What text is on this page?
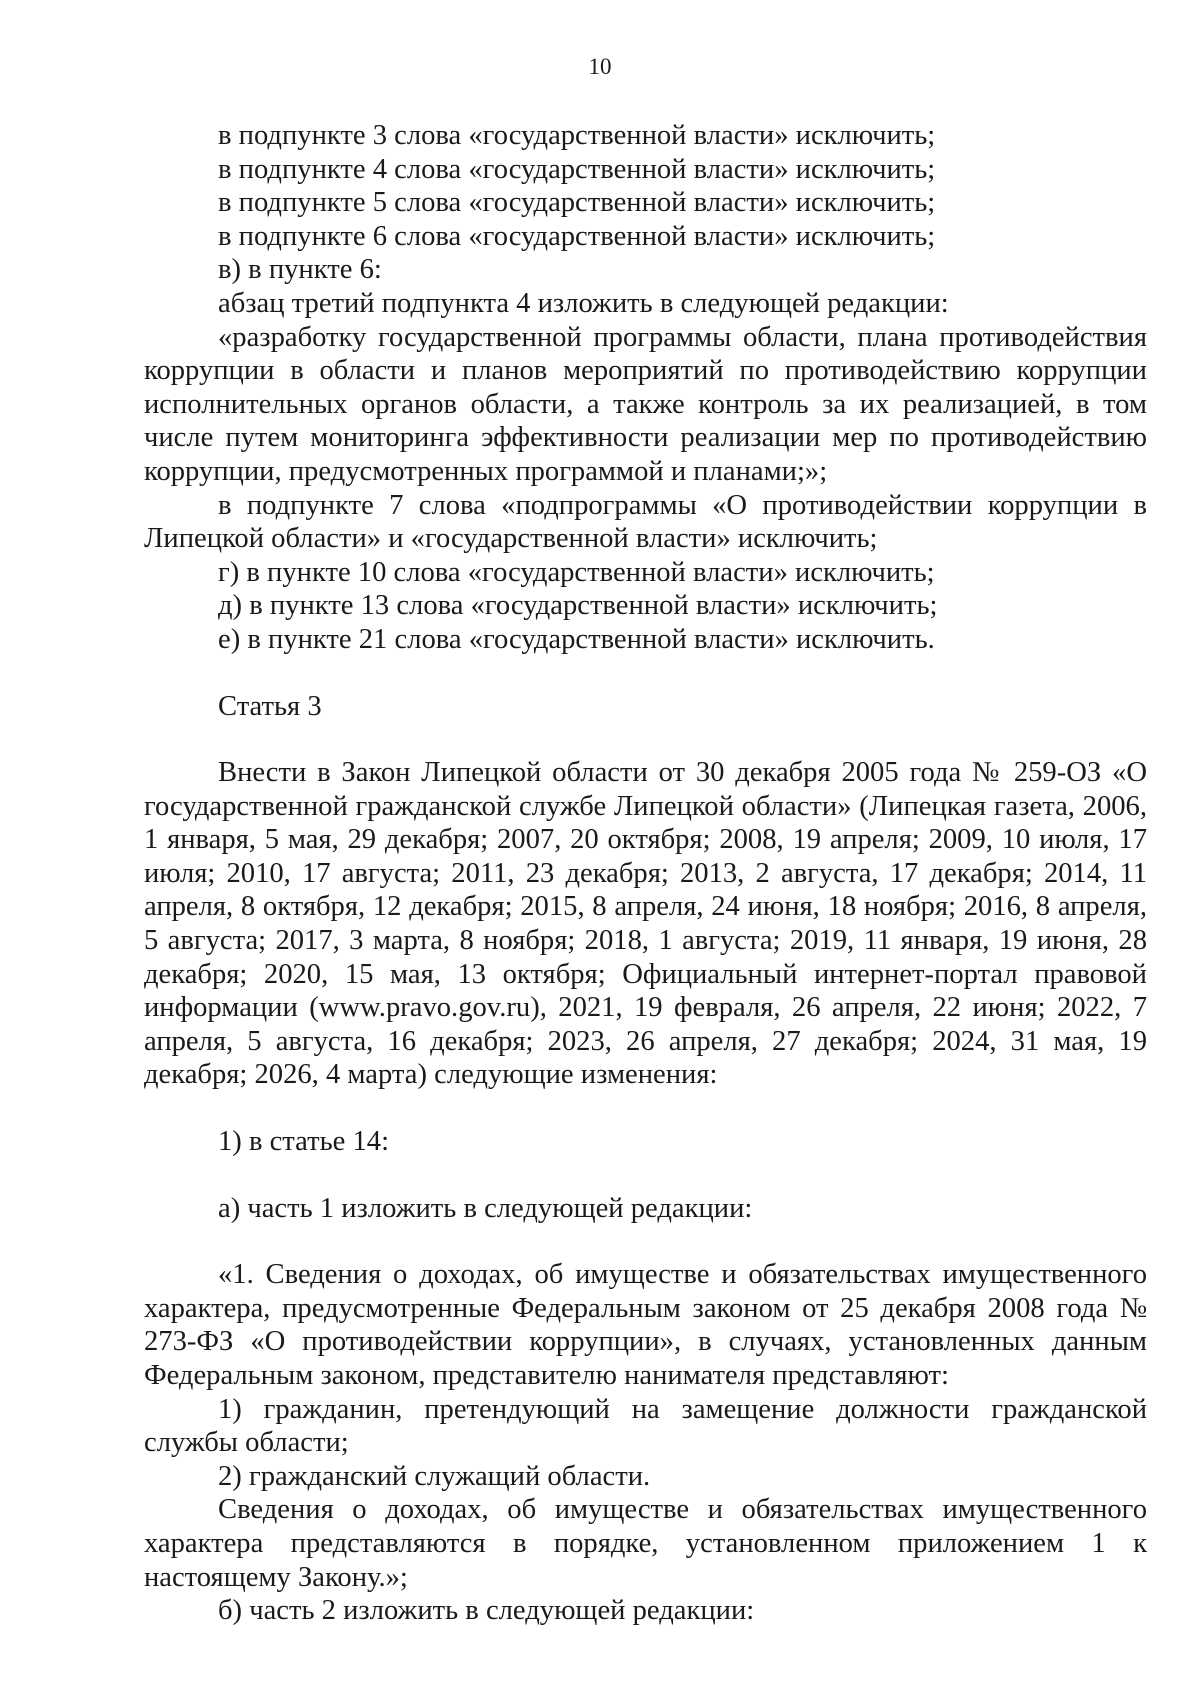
10

в подпункте 3 слова «государственной власти» исключить;

в подпункте 4 слова «государственной власти» исключить;

в подпункте 5 слова «государственной власти» исключить;

в подпункте 6 слова «государственной власти» исключить;

в) в пункте 6:

абзац третий подпункта 4 изложить в следующей редакции:

«разработку государственной программы области, плана противодействия коррупции в области и планов мероприятий по противодействию коррупции исполнительных органов области, а также контроль за их реализацией, в том числе путем мониторинга эффективности реализации мер по противодействию коррупции, предусмотренных программой и планами;»;

в подпункте 7 слова «подпрограммы «О противодействии коррупции в Липецкой области» и «государственной власти» исключить;

г) в пункте 10 слова «государственной власти» исключить;

д) в пункте 13 слова «государственной власти» исключить;

е) в пункте 21 слова «государственной власти» исключить.

Статья 3

Внести в Закон Липецкой области от 30 декабря 2005 года № 259-ОЗ «О государственной гражданской службе Липецкой области» (Липецкая газета, 2006, 1 января, 5 мая, 29 декабря; 2007, 20 октября; 2008, 19 апреля; 2009, 10 июля, 17 июля; 2010, 17 августа; 2011, 23 декабря; 2013, 2 августа, 17 декабря; 2014, 11 апреля, 8 октября, 12 декабря; 2015, 8 апреля, 24 июня, 18 ноября; 2016, 8 апреля, 5 августа; 2017, 3 марта, 8 ноября; 2018, 1 августа; 2019, 11 января, 19 июня, 28 декабря; 2020, 15 мая, 13 октября; Официальный интернет-портал правовой информации (www.pravo.gov.ru), 2021, 19 февраля, 26 апреля, 22 июня; 2022, 7 апреля, 5 августа, 16 декабря; 2023, 26 апреля, 27 декабря; 2024, 31 мая, 19 декабря; 2026, 4 марта) следующие изменения:

1) в статье 14:

а) часть 1 изложить в следующей редакции:

«1. Сведения о доходах, об имуществе и обязательствах имущественного характера, предусмотренные Федеральным законом от 25 декабря 2008 года № 273-ФЗ «О противодействии коррупции», в случаях, установленных данным Федеральным законом, представителю нанимателя представляют:

1) гражданин, претендующий на замещение должности гражданской службы области;

2) гражданский служащий области.

Сведения о доходах, об имуществе и обязательствах имущественного характера представляются в порядке, установленном приложением 1 к настоящему Закону.»;

б) часть 2 изложить в следующей редакции:
